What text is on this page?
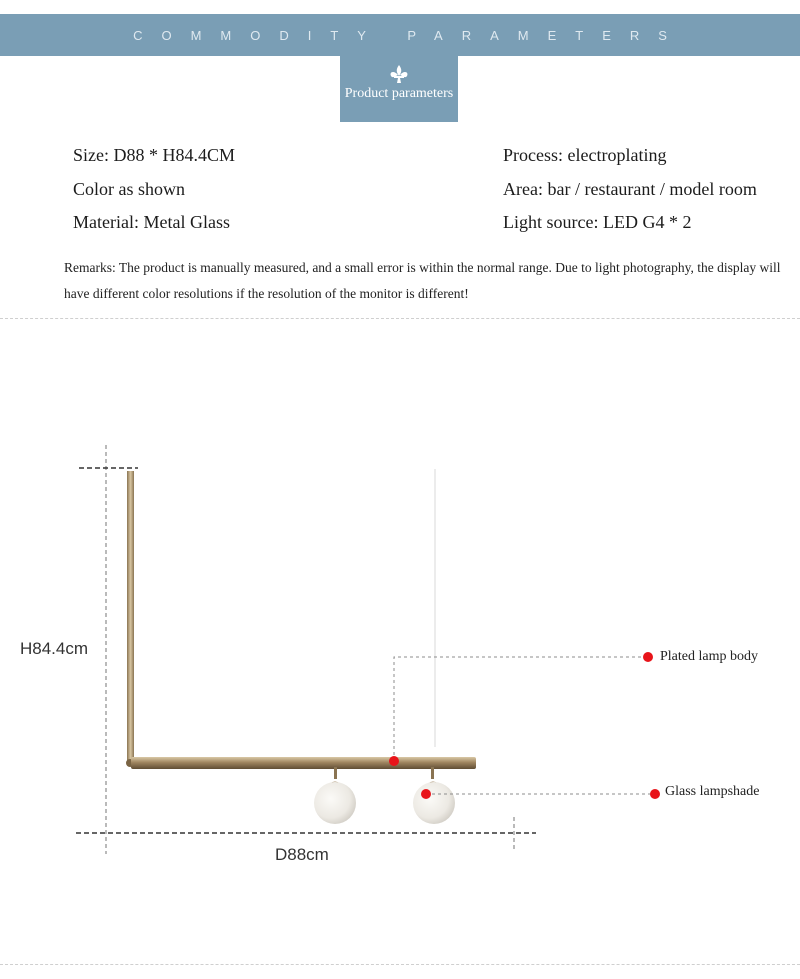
COMMODITY PARAMETERS
Product parameters
Size: D88 * H84.4CM
Color as shown
Material: Metal Glass
Process: electroplating
Area: bar / restaurant / model room
Light source: LED G4 * 2
Remarks: The product is manually measured, and a small error is within the normal range. Due to light photography, the display will have different color resolutions if the resolution of the monitor is different!
H84.4cm
D88cm
Plated lamp body
Glass lampshade
